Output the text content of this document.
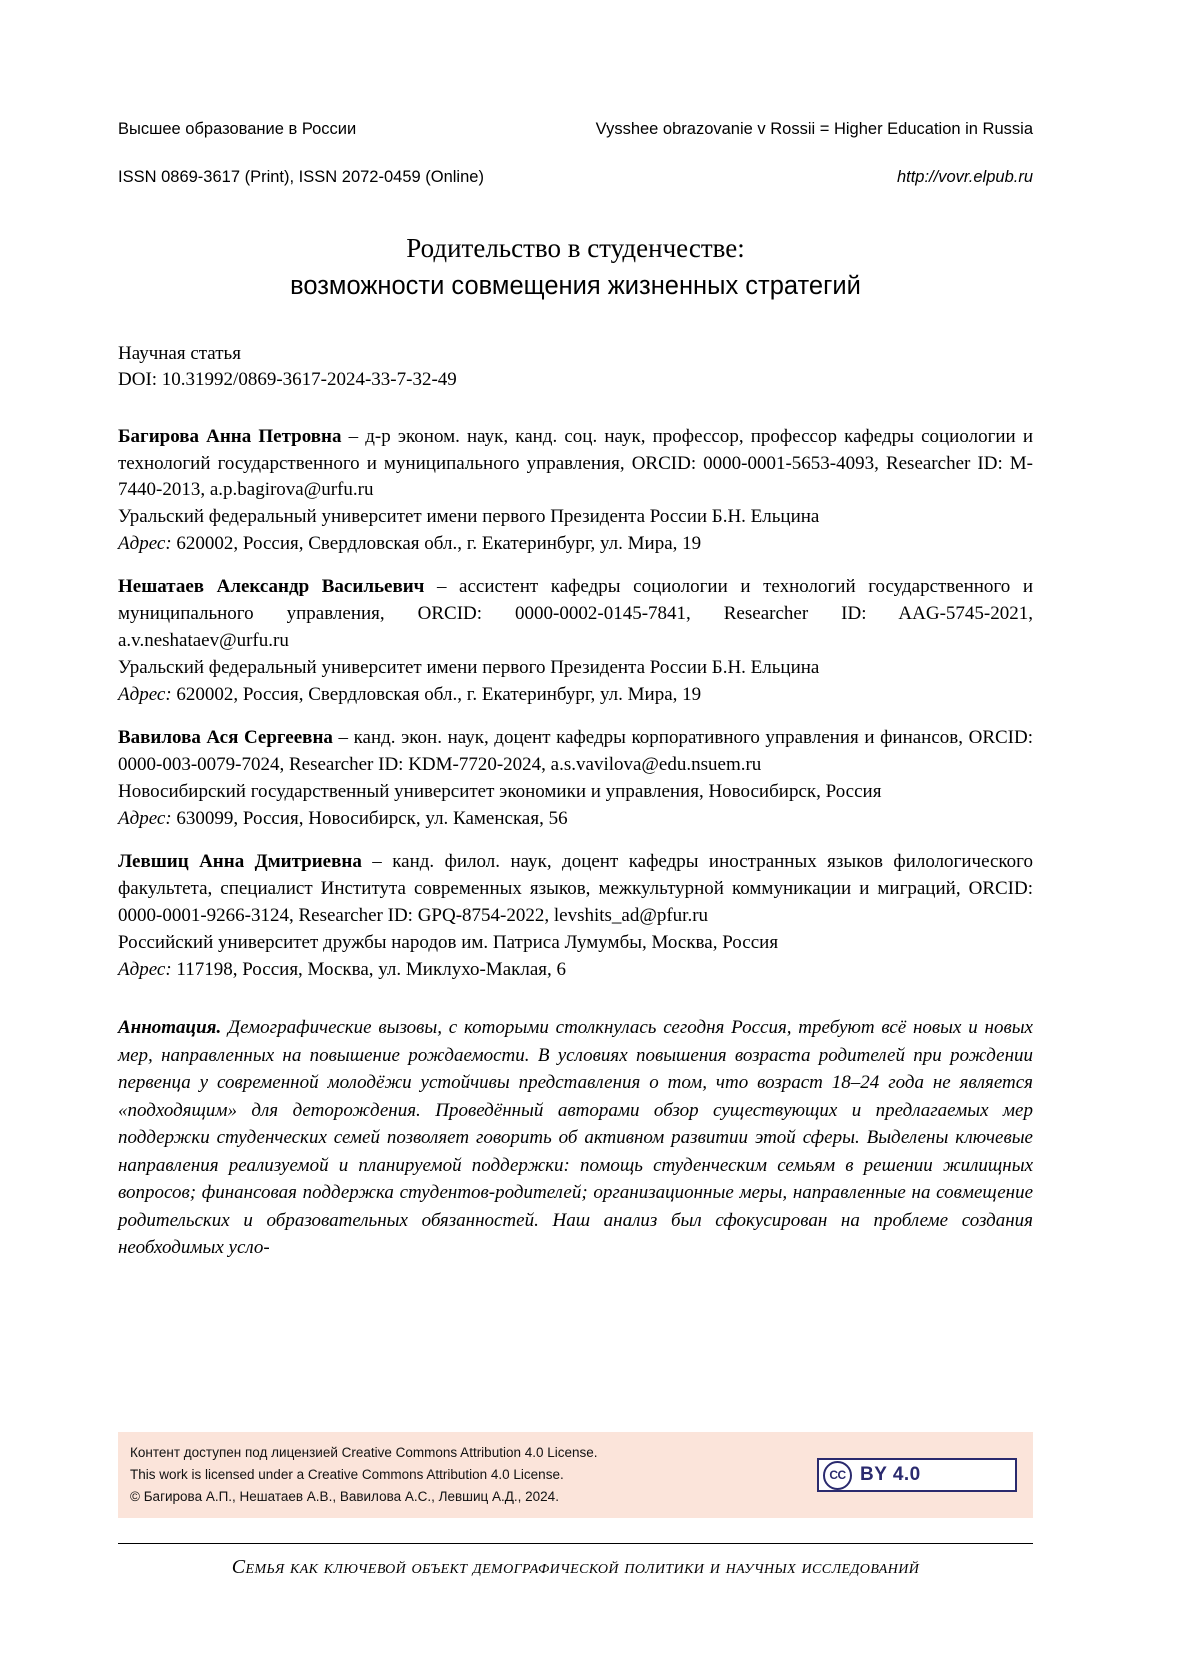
Высшее образование в России	Vysshee obrazovanie v Rossii = Higher Education in Russia
ISSN 0869-3617 (Print), ISSN 2072-0459 (Online)	http://vovr.elpub.ru
Родительство в студенчестве:
возможности совмещения жизненных стратегий
Научная статья
DOI: 10.31992/0869-3617-2024-33-7-32-49
Багирова Анна Петровна – д-р эконом. наук, канд. соц. наук, профессор, профессор кафедры социологии и технологий государственного и муниципального управления, ORCID: 0000-0001-5653-4093, Researcher ID: M-7440-2013, a.p.bagirova@urfu.ru
Уральский федеральный университет имени первого Президента России Б.Н. Ельцина
Адрес: 620002, Россия, Свердловская обл., г. Екатеринбург, ул. Мира, 19
Нешатаев Александр Васильевич – ассистент кафедры социологии и технологий государственного и муниципального управления, ORCID: 0000-0002-0145-7841, Researcher ID: AAG-5745-2021, a.v.neshataev@urfu.ru
Уральский федеральный университет имени первого Президента России Б.Н. Ельцина
Адрес: 620002, Россия, Свердловская обл., г. Екатеринбург, ул. Мира, 19
Вавилова Ася Сергеевна – канд. экон. наук, доцент кафедры корпоративного управления и финансов, ORCID: 0000-003-0079-7024, Researcher ID: KDM-7720-2024, a.s.vavilova@edu.nsuem.ru
Новосибирский государственный университет экономики и управления, Новосибирск, Россия
Адрес: 630099, Россия, Новосибирск, ул. Каменская, 56
Левшиц Анна Дмитриевна – канд. филол. наук, доцент кафедры иностранных языков филологического факультета, специалист Института современных языков, межкультурной коммуникации и миграций, ORCID: 0000-0001-9266-3124, Researcher ID: GPQ-8754-2022, levshits_ad@pfur.ru
Российский университет дружбы народов им. Патриса Лумумбы, Москва, Россия
Адрес: 117198, Россия, Москва, ул. Миклухо-Маклая, 6
Аннотация. Демографические вызовы, с которыми столкнулась сегодня Россия, требуют всё новых и новых мер, направленных на повышение рождаемости. В условиях повышения возраста родителей при рождении первенца у современной молодёжи устойчивы представления о том, что возраст 18–24 года не является «подходящим» для деторождения. Проведённый авторами обзор существующих и предлагаемых мер поддержки студенческих семей позволяет говорить об активном развитии этой сферы. Выделены ключевые направления реализуемой и планируемой поддержки: помощь студенческим семьям в решении жилищных вопросов; финансовая поддержка студентов-родителей; организационные меры, направленные на совмещение родительских и образовательных обязанностей. Наш анализ был сфокусирован на проблеме создания необходимых усло-
Контент доступен под лицензией Creative Commons Attribution 4.0 License.
This work is licensed under a Creative Commons Attribution 4.0 License.
© Багирова А.П., Нешатаев А.В., Вавилова А.С., Левшиц А.Д., 2024.
CC BY 4.0
Семья как ключевой объект демографической политики и научных исследований
